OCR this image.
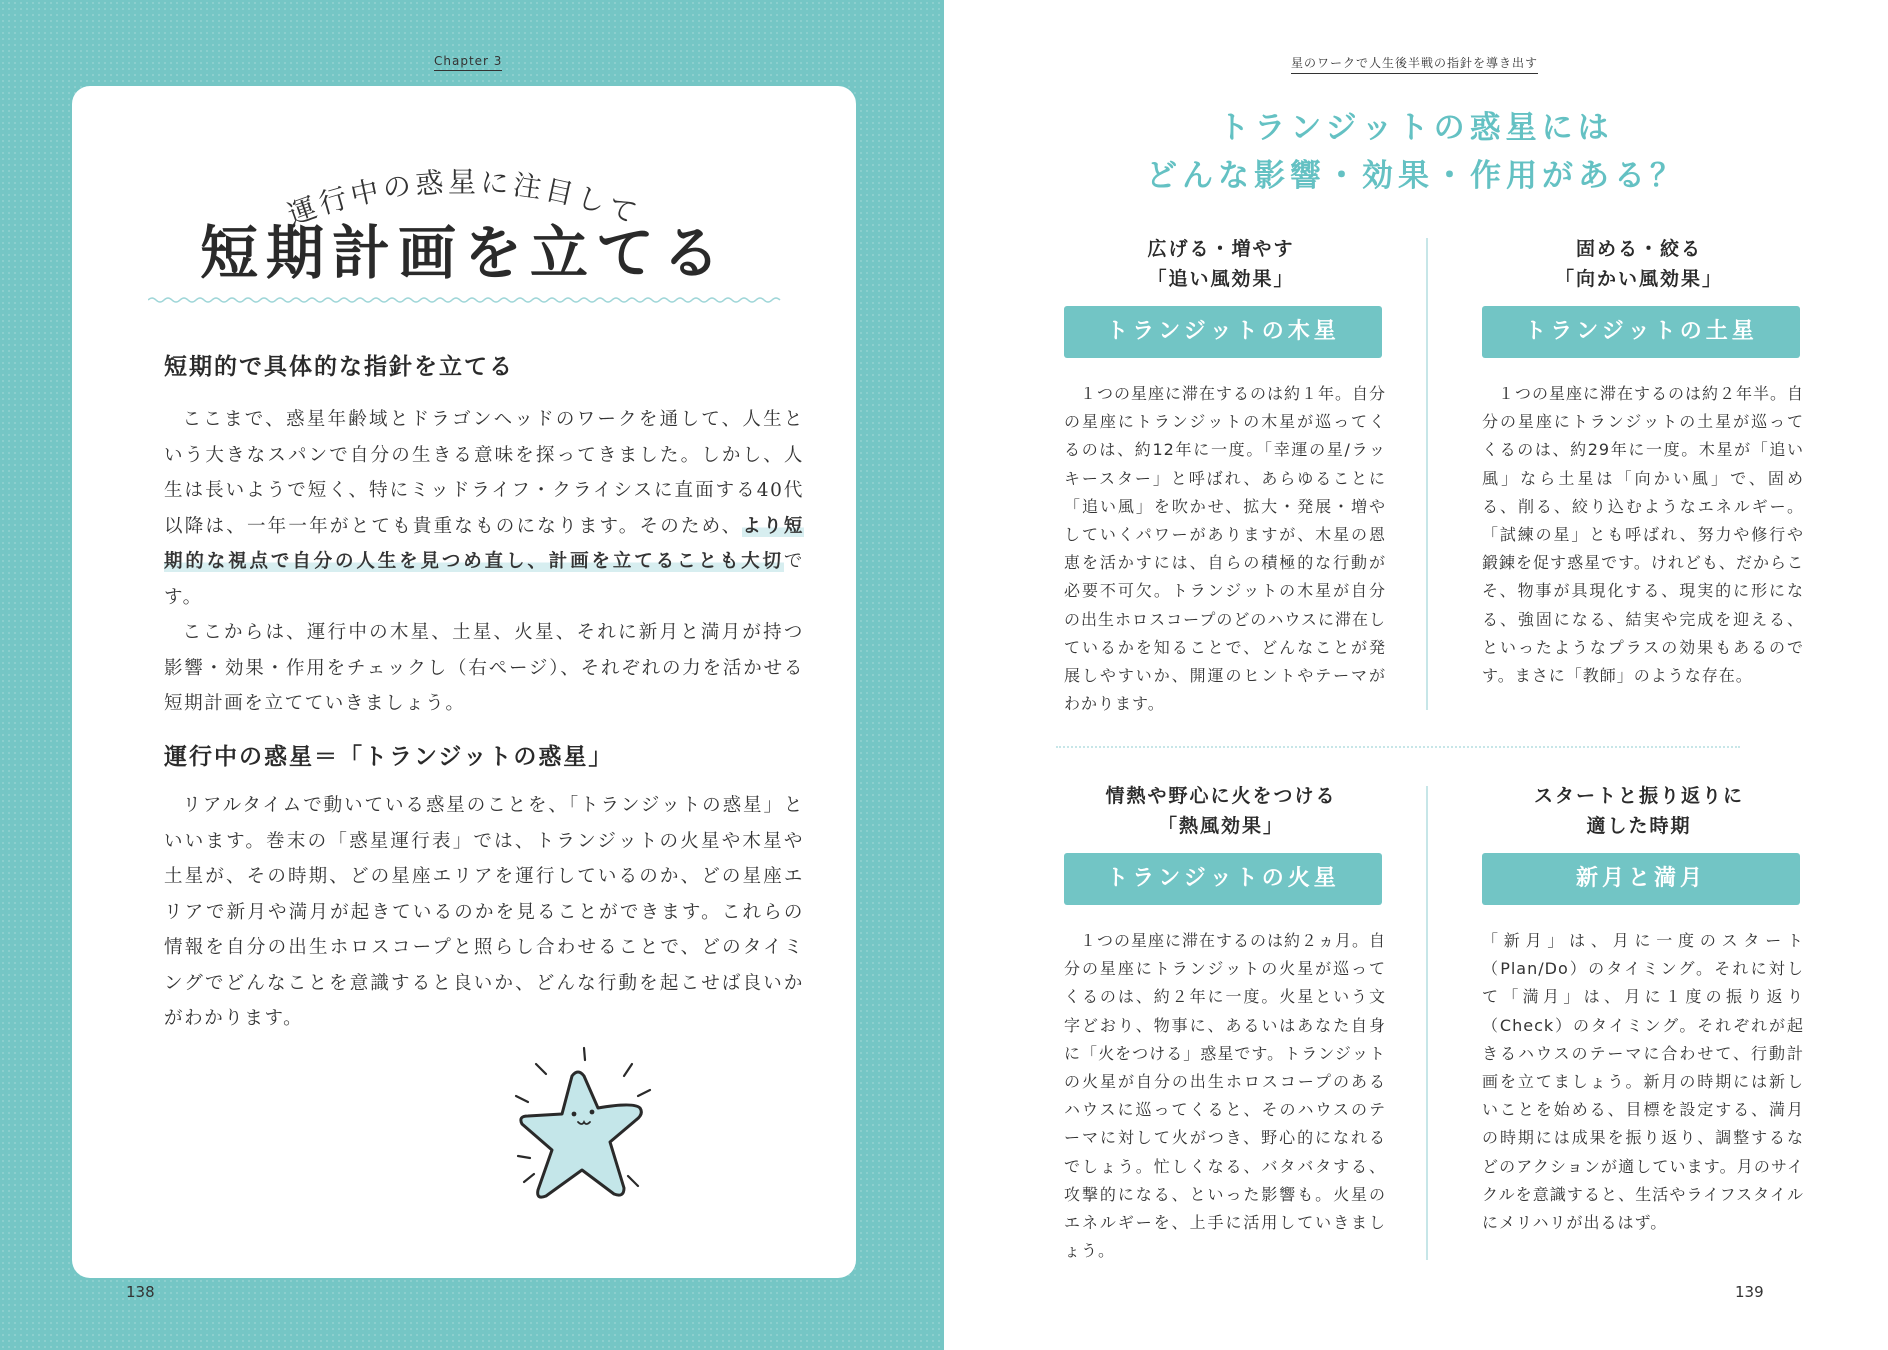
Chapter 3
運行中の惑星に注目して
短期計画を立てる
短期的で具体的な指針を立てる

ここまで、惑星年齢域とドラゴンヘッドのワークを通して、人生という大きなスパンで自分の生きる意味を探ってきました。しかし、人生は長いようで短く、特にミッドライフ・クライシスに直面する40代以降は、一年一年がとても貴重なものになります。そのため、より短期的な視点で自分の人生を見つめ直し、計画を立てることも大切です。

ここからは、運行中の木星、土星、火星、それに新月と満月が持つ影響・効果・作用をチェックし（右ページ）、それぞれの力を活かせる短期計画を立てていきましょう。

運行中の惑星＝「トランジットの惑星」

リアルタイムで動いている惑星のことを、「トランジットの惑星」といいます。巻末の「惑星運行表」では、トランジットの火星や木星や土星が、その時期、どの星座エリアを運行しているのか、どの星座エリアで新月や満月が起きているのかを見ることができます。これらの情報を自分の出生ホロスコープと照らし合わせることで、どのタイミングでどんなことを意識すると良いか、どんな行動を起こせば良いかがわかります。

138
星のワークで人生後半戦の指針を導き出す
トランジットの惑星には
どんな影響・効果・作用がある？
広げる・増やす
「追い風効果」
トランジットの木星

１つの星座に滞在するのは約１年。自分の星座にトランジットの木星が巡ってくるのは、約12年に一度。「幸運の星/ラッキースター」と呼ばれ、あらゆることに「追い風」を吹かせ、拡大・発展・増やしていくパワーがありますが、木星の恩恵を活かすには、自らの積極的な行動が必要不可欠。トランジットの木星が自分の出生ホロスコープのどのハウスに滞在しているかを知ることで、どんなことが発展しやすいか、開運のヒントやテーマがわかります。

固める・絞る
「向かい風効果」
トランジットの土星

１つの星座に滞在するのは約２年半。自分の星座にトランジットの土星が巡ってくるのは、約29年に一度。木星が「追い風」なら土星は「向かい風」で、固める、削る、絞り込むようなエネルギー。「試練の星」とも呼ばれ、努力や修行や鍛錬を促す惑星です。けれども、だからこそ、物事が具現化する、現実的に形になる、強固になる、結実や完成を迎える、といったようなプラスの効果もあるのです。まさに「教師」のような存在。

情熱や野心に火をつける
「熱風効果」
トランジットの火星

１つの星座に滞在するのは約２ヵ月。自分の星座にトランジットの火星が巡ってくるのは、約２年に一度。火星という文字どおり、物事に、あるいはあなた自身に「火をつける」惑星です。トランジットの火星が自分の出生ホロスコープのあるハウスに巡ってくると、そのハウスのテーマに対して火がつき、野心的になれるでしょう。忙しくなる、バタバタする、攻撃的になる、といった影響も。火星のエネルギーを、上手に活用していきましょう。

スタートと振り返りに
適した時期
新月と満月

「新月」は、月に一度のスタート（Plan/Do）のタイミング。それに対して「満月」は、月に１度の振り返り（Check）のタイミング。それぞれが起きるハウスのテーマに合わせて、行動計画を立てましょう。新月の時期には新しいことを始める、目標を設定する、満月の時期には成果を振り返り、調整するなどのアクションが適しています。月のサイクルを意識すると、生活やライフスタイルにメリハリが出るはず。

139
